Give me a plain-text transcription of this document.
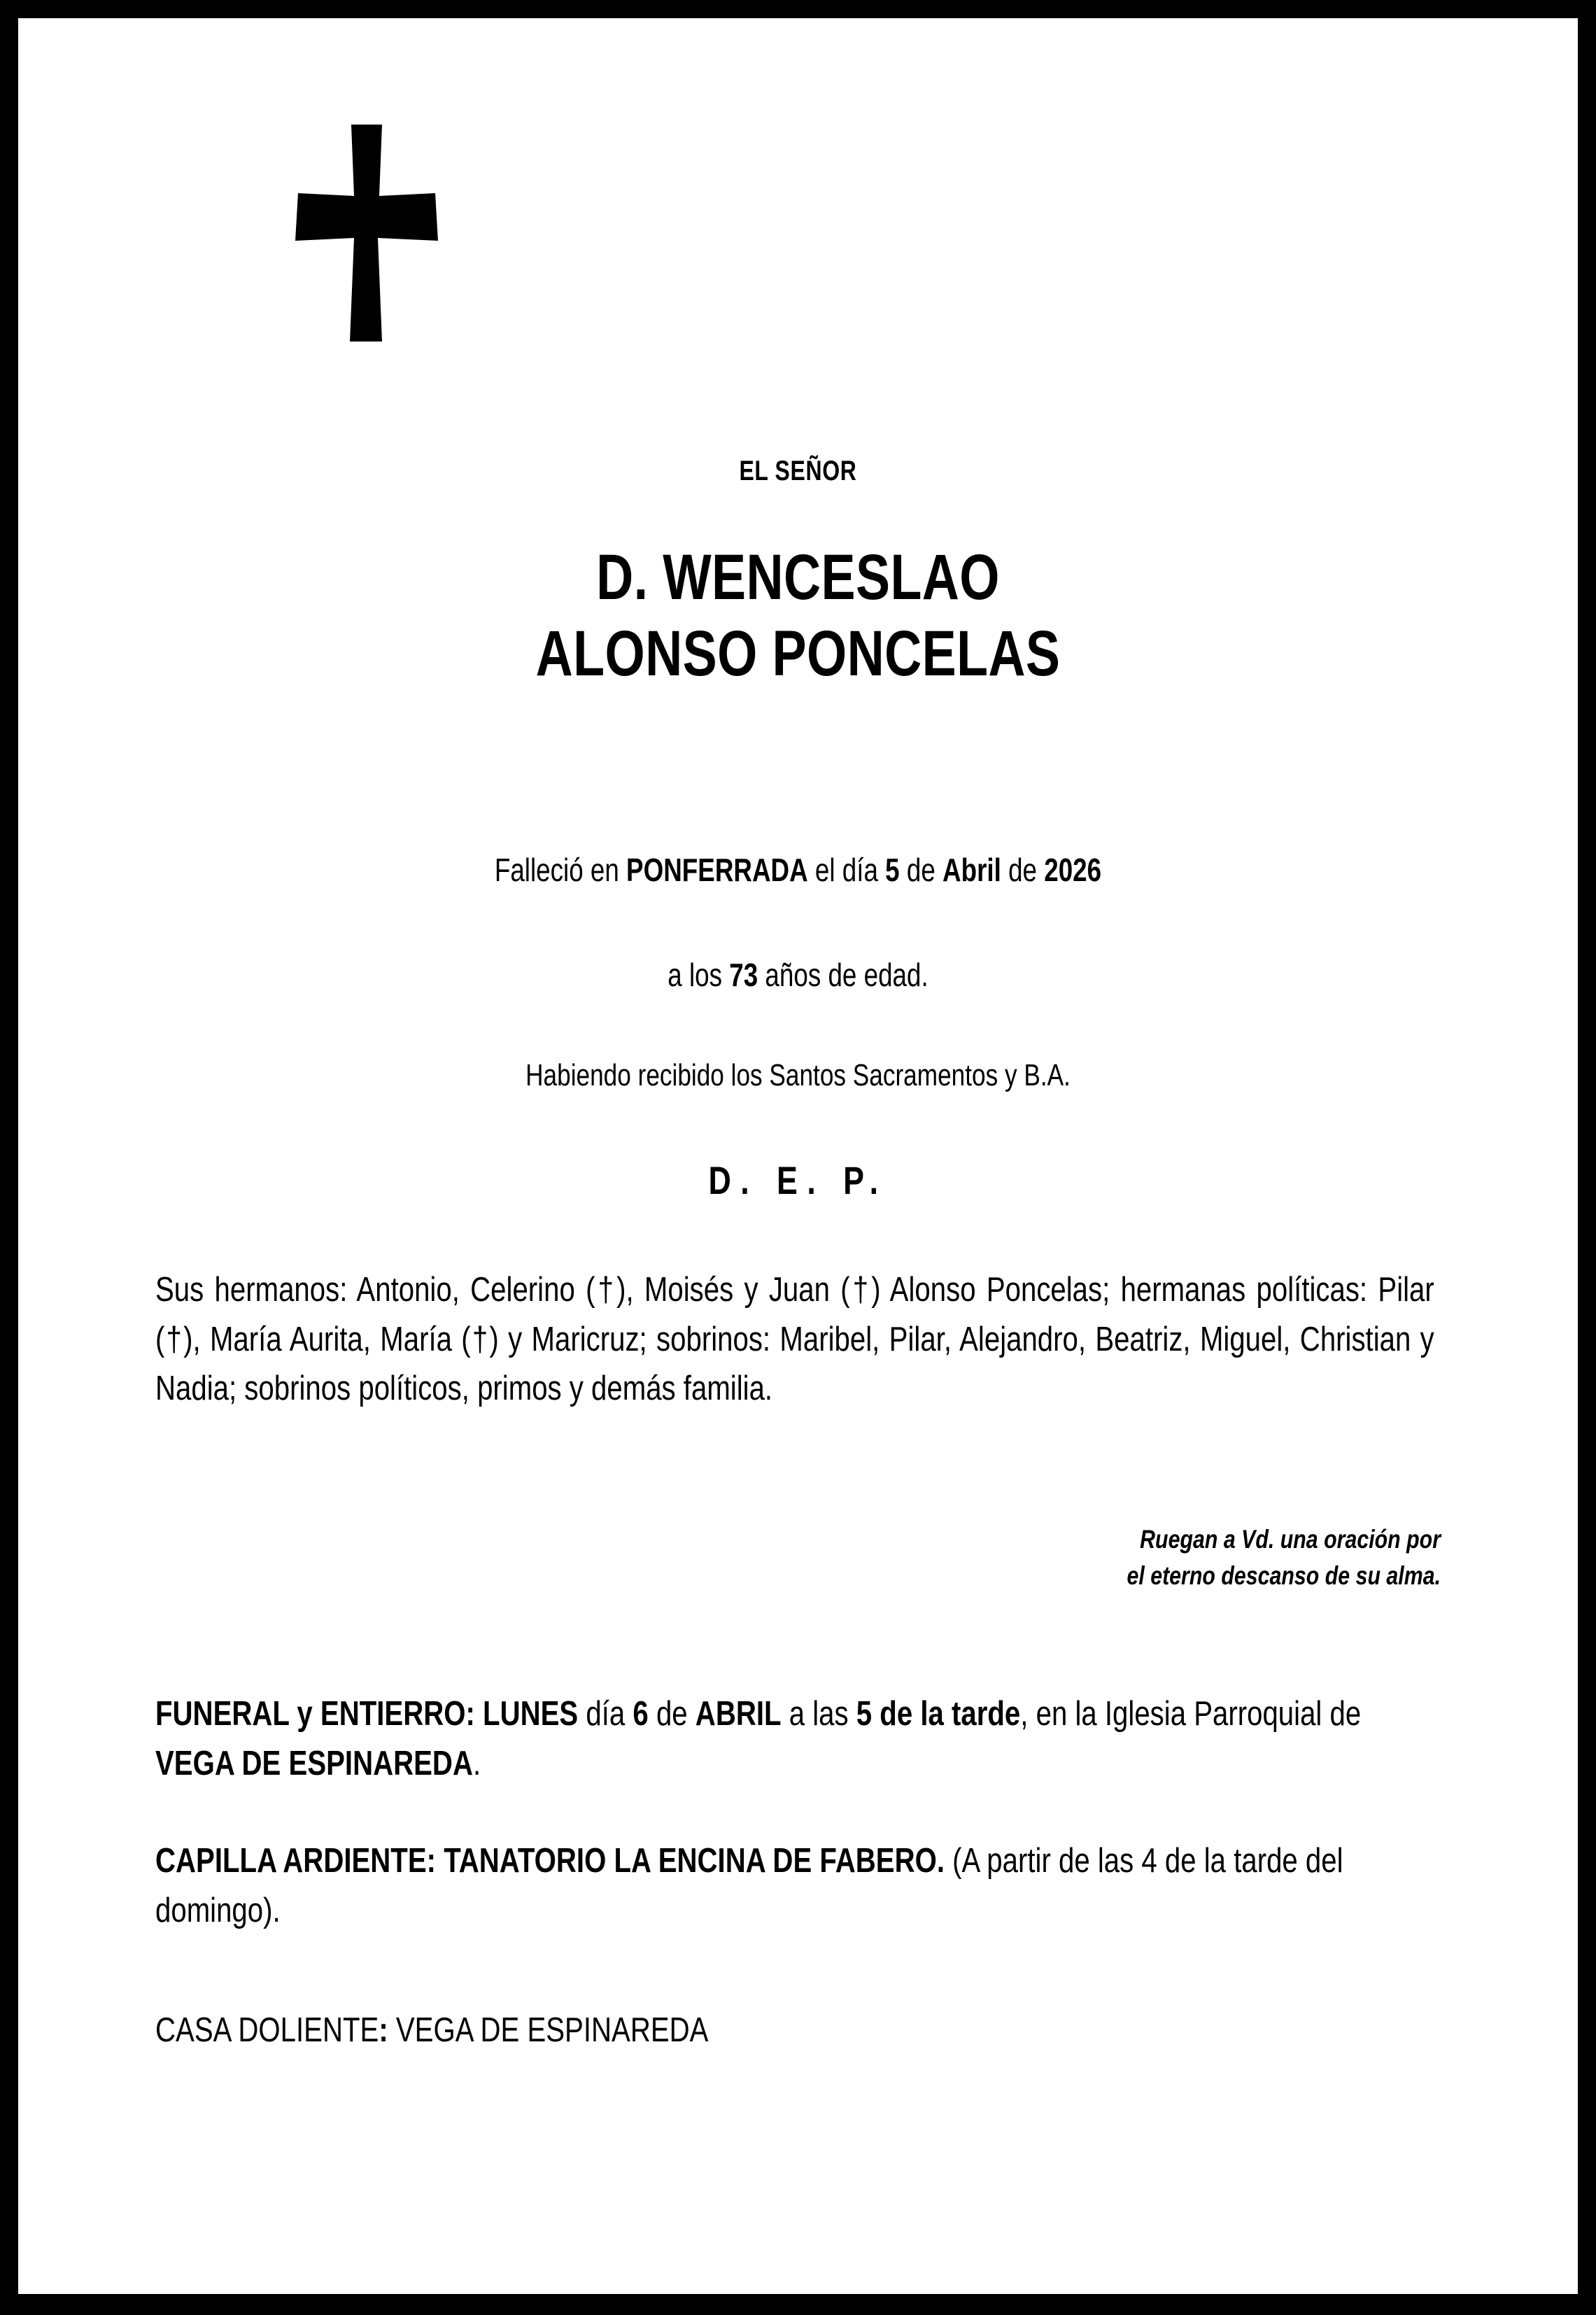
EL SEÑOR
D. WENCESLAO
ALONSO PONCELAS
Falleció en PONFERRADA el día 5 de Abril de 2026
a los 73 años de edad.
Habiendo recibido los Santos Sacramentos y B.A.
D. E. P.
Sus hermanos: Antonio, Celerino (†), Moisés y Juan (†) Alonso Poncelas; hermanas políticas: Pilar (†), María Aurita, María (†) y Maricruz; sobrinos: Maribel, Pilar, Alejandro, Beatriz, Miguel, Christian y Nadia; sobrinos políticos, primos y demás familia.
Ruegan a Vd. una oración por
el eterno descanso de su alma.
FUNERAL y ENTIERRO: LUNES día 6 de ABRIL a las 5 de la tarde, en la Iglesia Parroquial de VEGA DE ESPINAREDA.
CAPILLA ARDIENTE: TANATORIO LA ENCINA DE FABERO. (A partir de las 4 de la tarde del domingo).
CASA DOLIENTE: VEGA DE ESPINAREDA
